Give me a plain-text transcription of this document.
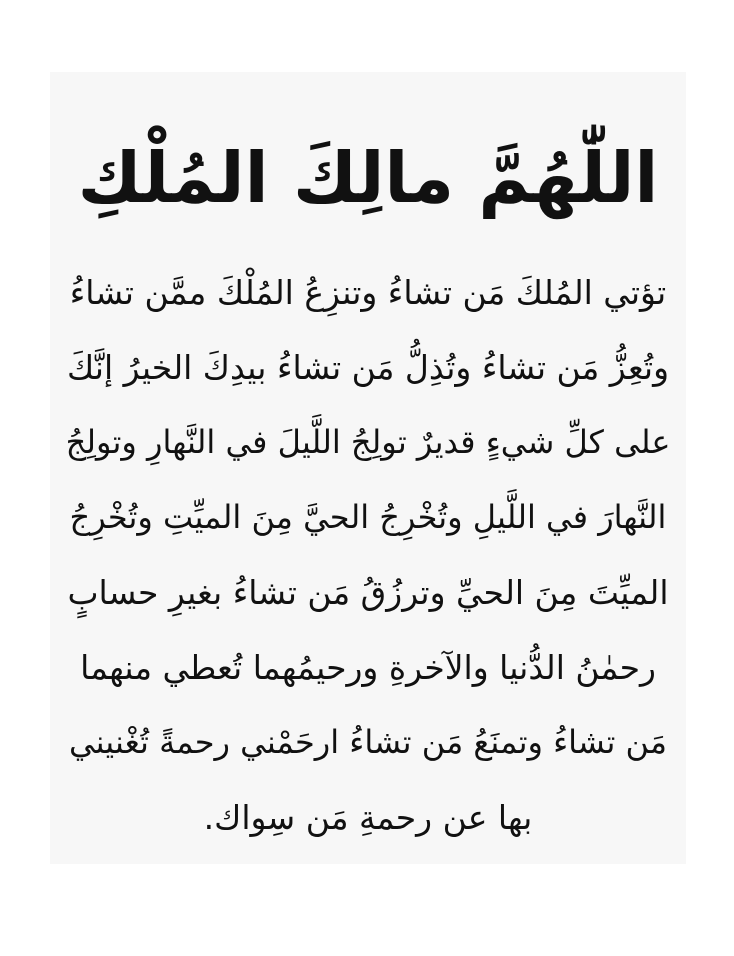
اللّٰهُمَّ مالِكَ المُلْكِ
تؤتي المُلكَ مَن تشاءُ وتنزِعُ المُلْكَ ممَّن تشاءُ
وتُعِزُّ مَن تشاءُ وتُذِلُّ مَن تشاءُ بيدِكَ الخيرُ إنَّكَ
على كلِّ شيءٍ قديرٌ تولِجُ اللَّيلَ في النَّهارِ وتولِجُ
النَّهارَ في اللَّيلِ وتُخْرِجُ الحيَّ مِنَ الميِّتِ وتُخْرِجُ
الميِّتَ مِنَ الحيِّ وترزُقُ مَن تشاءُ بغيرِ حسابٍ
رحمٰنُ الدُّنيا والآخرةِ ورحيمُهما تُعطي منهما
مَن تشاءُ وتمنَعُ مَن تشاءُ ارحَمْني رحمةً تُغْنيني
بها عن رحمةِ مَن سِواك.
